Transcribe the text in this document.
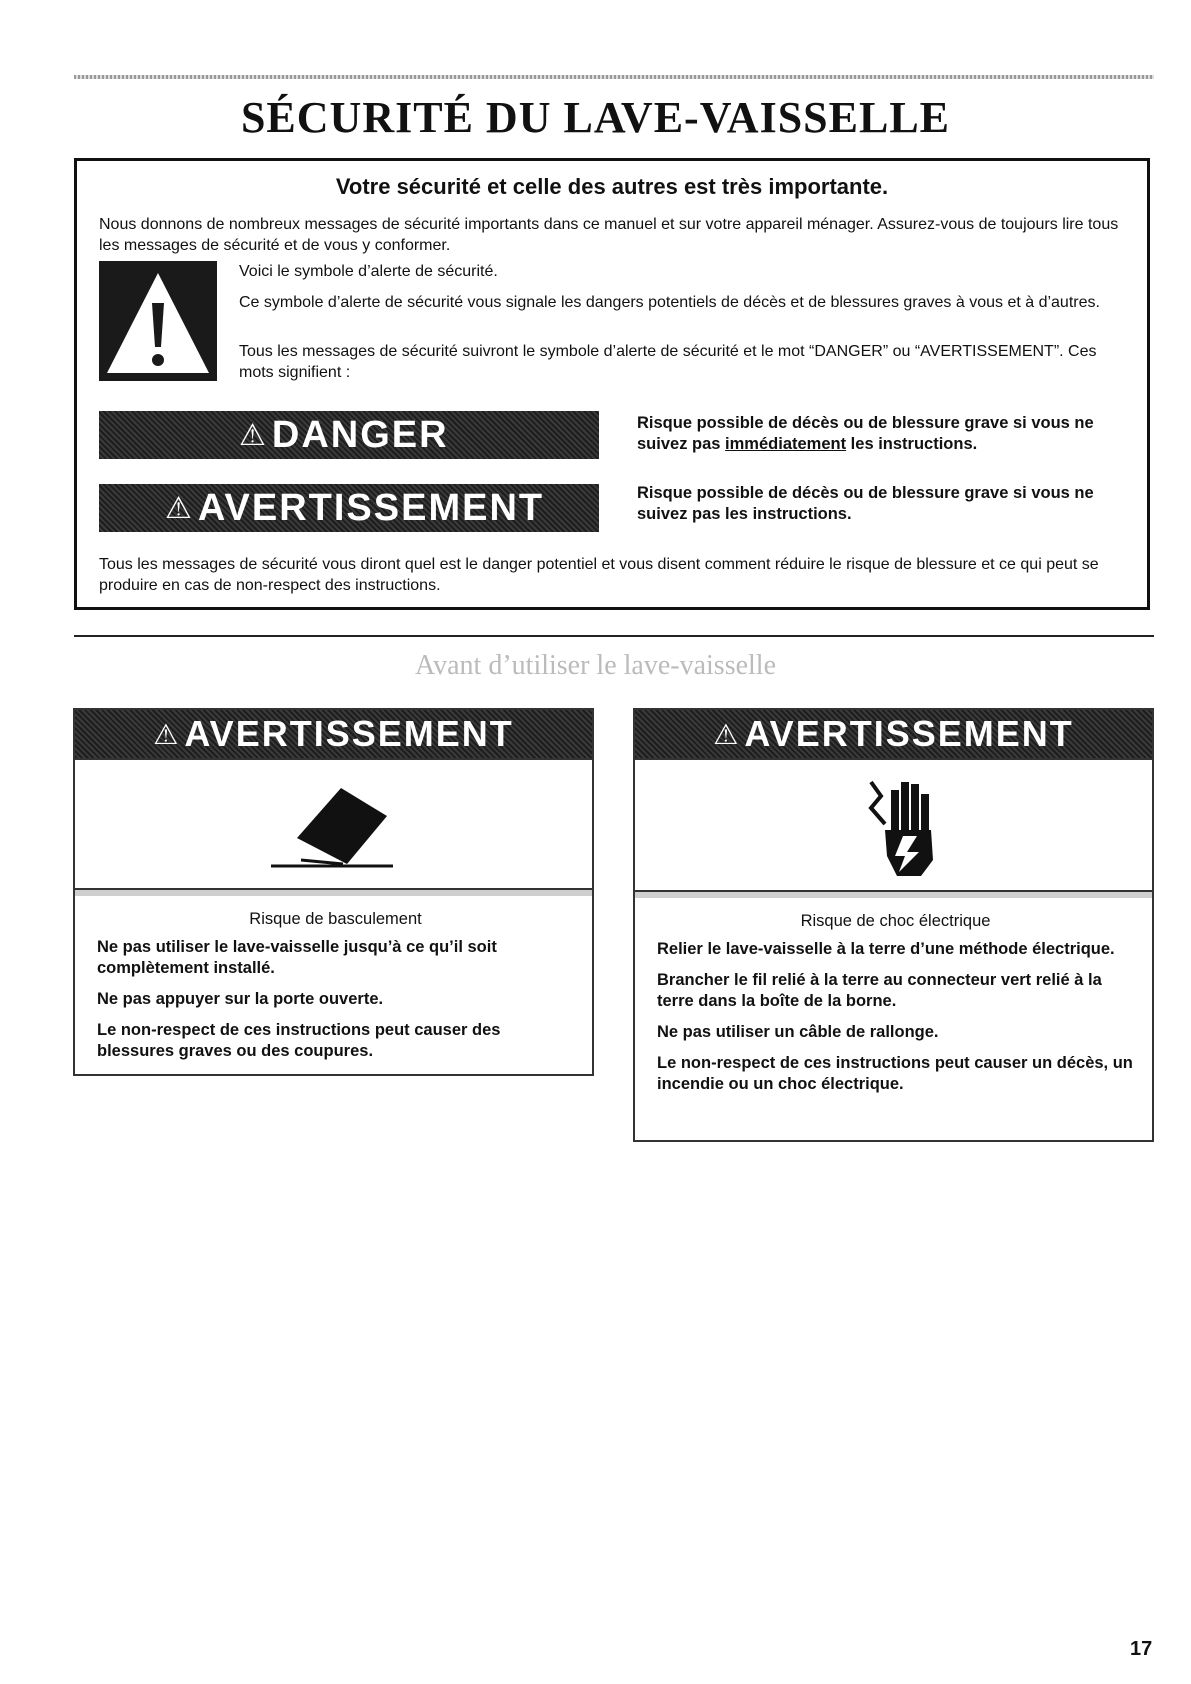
SÉCURITÉ DU LAVE-VAISSELLE
Votre sécurité et celle des autres est très importante.

Nous donnons de nombreux messages de sécurité importants dans ce manuel et sur votre appareil ménager. Assurez-vous de toujours lire tous les messages de sécurité et de vous y conformer.

Voici le symbole d’alerte de sécurité.

Ce symbole d’alerte de sécurité vous signale les dangers potentiels de décès et de blessures graves à vous et à d’autres.

Tous les messages de sécurité suivront le symbole d’alerte de sécurité et le mot “DANGER” ou “AVERTISSEMENT”. Ces mots signifient :

⚠ DANGER	Risque possible de décès ou de blessure grave si vous ne suivez pas immédiatement les instructions.

⚠ AVERTISSEMENT	Risque possible de décès ou de blessure grave si vous ne suivez pas les instructions.

Tous les messages de sécurité vous diront quel est le danger potentiel et vous disent comment réduire le risque de blessure et ce qui peut se produire en cas de non-respect des instructions.

Avant d’utiliser le lave-vaisselle
⚠ AVERTISSEMENT
Risque de basculement

Ne pas utiliser le lave-vaisselle jusqu’à ce qu’il soit complètement installé.

Ne pas appuyer sur la porte ouverte.

Le non-respect de ces instructions peut causer des blessures graves ou des coupures.

⚠ AVERTISSEMENT
Risque de choc électrique

Relier le lave-vaisselle à la terre d’une méthode électrique.

Brancher le fil relié à la terre au connecteur vert relié à la terre dans la boîte de la borne.

Ne pas utiliser un câble de rallonge.

Le non-respect de ces instructions peut causer un décès, un incendie ou un choc électrique.

17
